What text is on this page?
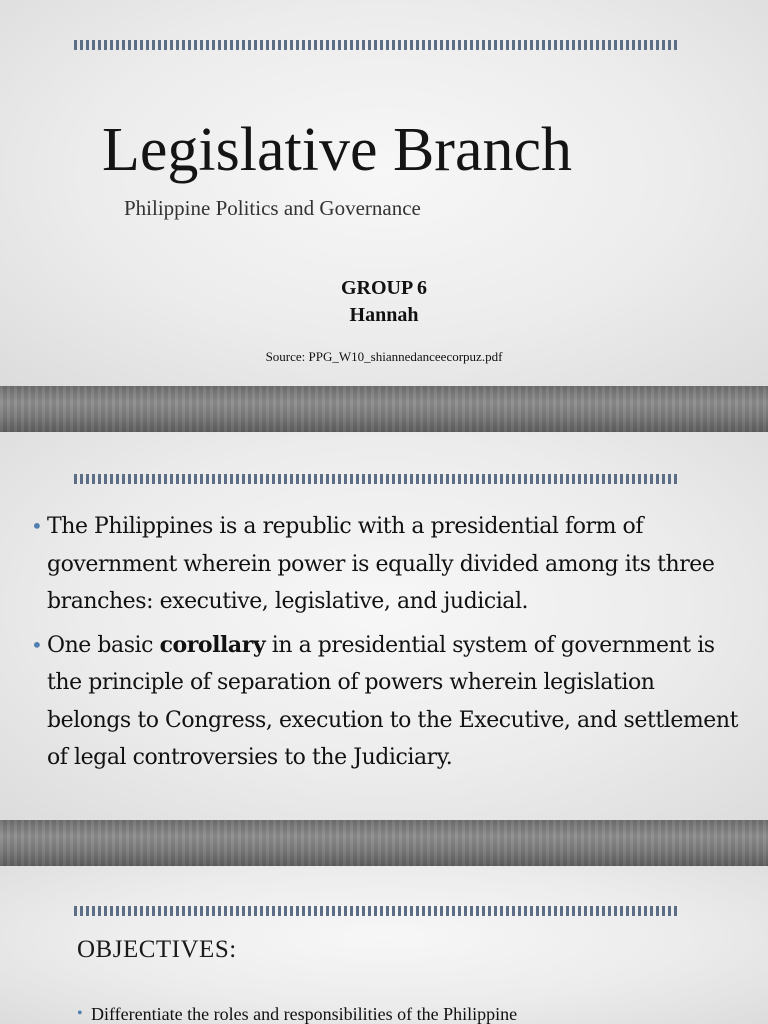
Legislative Branch
Philippine Politics and Governance
GROUP 6
Hannah
Source: PPG_W10_shiannedanceecorpuz.pdf
• The Philippines is a republic with a presidential form of government wherein power is equally divided among its three branches: executive, legislative, and judicial.
• One basic corollary in a presidential system of government is the principle of separation of powers wherein legislation belongs to Congress, execution to the Executive, and settlement of legal controversies to the Judiciary.
OBJECTIVES:
• Differentiate the roles and responsibilities of the Philippine
